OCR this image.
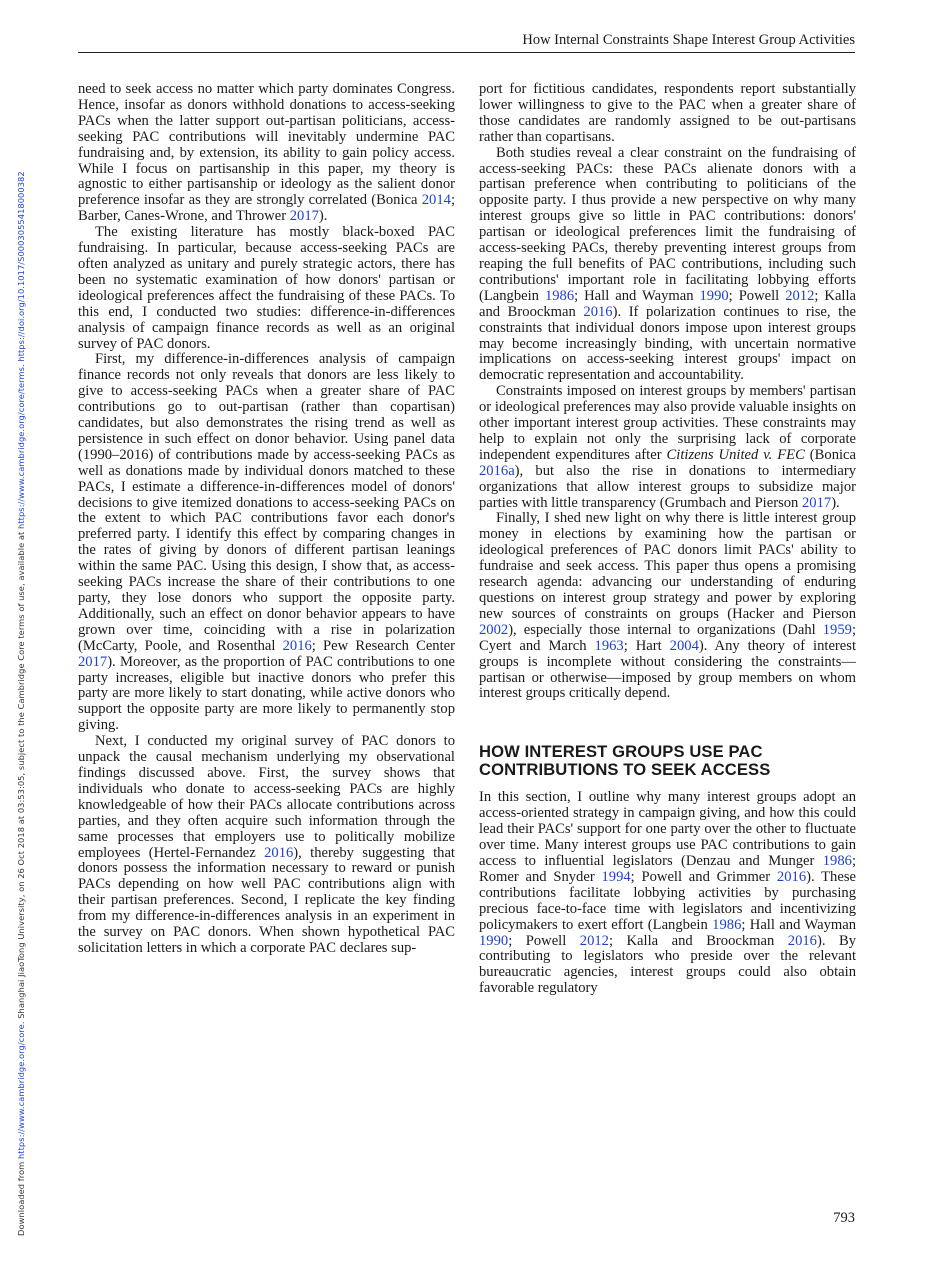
How Internal Constraints Shape Interest Group Activities
Downloaded from https://www.cambridge.org/core. Shanghai JiaoTong University, on 26 Oct 2018 at 03:53:05, subject to the Cambridge Core terms of use, available at https://www.cambridge.org/core/terms. https://doi.org/10.1017/S0003055418000382

need to seek access no matter which party dominates Congress. Hence, insofar as donors withhold donations to access-seeking PACs when the latter support out-partisan politicians, access-seeking PAC contributions will inevitably undermine PAC fundraising and, by extension, its ability to gain policy access. While I focus on partisanship in this paper, my theory is agnostic to either partisanship or ideology as the salient donor preference insofar as they are strongly correlated (Bonica 2014; Barber, Canes-Wrone, and Thrower 2017).

The existing literature has mostly black-boxed PAC fundraising. In particular, because access-seeking PACs are often analyzed as unitary and purely strategic actors, there has been no systematic examination of how donors' partisan or ideological preferences affect the fundraising of these PACs. To this end, I conducted two studies: difference-in-differences analysis of campaign finance records as well as an original survey of PAC donors.

First, my difference-in-differences analysis of campaign finance records not only reveals that donors are less likely to give to access-seeking PACs when a greater share of PAC contributions go to out-partisan (rather than copartisan) candidates, but also demonstrates the rising trend as well as persistence in such effect on donor behavior. Using panel data (1990–2016) of contributions made by access-seeking PACs as well as donations made by individual donors matched to these PACs, I estimate a difference-in-differences model of donors' decisions to give itemized donations to access-seeking PACs on the extent to which PAC contributions favor each donor's preferred party. I identify this effect by comparing changes in the rates of giving by donors of different partisan leanings within the same PAC. Using this design, I show that, as access-seeking PACs increase the share of their contributions to one party, they lose donors who support the opposite party. Additionally, such an effect on donor behavior appears to have grown over time, coinciding with a rise in polarization (McCarty, Poole, and Rosenthal 2016; Pew Research Center 2017). Moreover, as the proportion of PAC contributions to one party increases, eligible but inactive donors who prefer this party are more likely to start donating, while active donors who support the opposite party are more likely to permanently stop giving.

Next, I conducted my original survey of PAC donors to unpack the causal mechanism underlying my observational findings discussed above. First, the survey shows that individuals who donate to access-seeking PACs are highly knowledgeable of how their PACs allocate contributions across parties, and they often acquire such information through the same processes that employers use to politically mobilize employees (Hertel-Fernandez 2016), thereby suggesting that donors possess the information necessary to reward or punish PACs depending on how well PAC contributions align with their partisan preferences. Second, I replicate the key finding from my difference-in-differences analysis in an experiment in the survey on PAC donors. When shown hypothetical PAC solicitation letters in which a corporate PAC declares sup-

port for fictitious candidates, respondents report substantially lower willingness to give to the PAC when a greater share of those candidates are randomly assigned to be out-partisans rather than copartisans.

Both studies reveal a clear constraint on the fundraising of access-seeking PACs: these PACs alienate donors with a partisan preference when contributing to politicians of the opposite party. I thus provide a new perspective on why many interest groups give so little in PAC contributions: donors' partisan or ideological preferences limit the fundraising of access-seeking PACs, thereby preventing interest groups from reaping the full benefits of PAC contributions, including such contributions' important role in facilitating lobbying efforts (Langbein 1986; Hall and Wayman 1990; Powell 2012; Kalla and Broockman 2016). If polarization continues to rise, the constraints that individual donors impose upon interest groups may become increasingly binding, with uncertain normative implications on access-seeking interest groups' impact on democratic representation and accountability.

Constraints imposed on interest groups by members' partisan or ideological preferences may also provide valuable insights on other important interest group activities. These constraints may help to explain not only the surprising lack of corporate independent expenditures after Citizens United v. FEC (Bonica 2016a), but also the rise in donations to intermediary organizations that allow interest groups to subsidize major parties with little transparency (Grumbach and Pierson 2017).

Finally, I shed new light on why there is little interest group money in elections by examining how the partisan or ideological preferences of PAC donors limit PACs' ability to fundraise and seek access. This paper thus opens a promising research agenda: advancing our understanding of enduring questions on interest group strategy and power by exploring new sources of constraints on groups (Hacker and Pierson 2002), especially those internal to organizations (Dahl 1959; Cyert and March 1963; Hart 2004). Any theory of interest groups is incomplete without considering the constraints—partisan or otherwise—imposed by group members on whom interest groups critically depend.

HOW INTEREST GROUPS USE PAC CONTRIBUTIONS TO SEEK ACCESS

In this section, I outline why many interest groups adopt an access-oriented strategy in campaign giving, and how this could lead their PACs' support for one party over the other to fluctuate over time. Many interest groups use PAC contributions to gain access to influential legislators (Denzau and Munger 1986; Romer and Snyder 1994; Powell and Grimmer 2016). These contributions facilitate lobbying activities by purchasing precious face-to-face time with legislators and incentivizing policymakers to exert effort (Langbein 1986; Hall and Wayman 1990; Powell 2012; Kalla and Broockman 2016). By contributing to legislators who preside over the relevant bureaucratic agencies, interest groups could also obtain favorable regulatory

793
